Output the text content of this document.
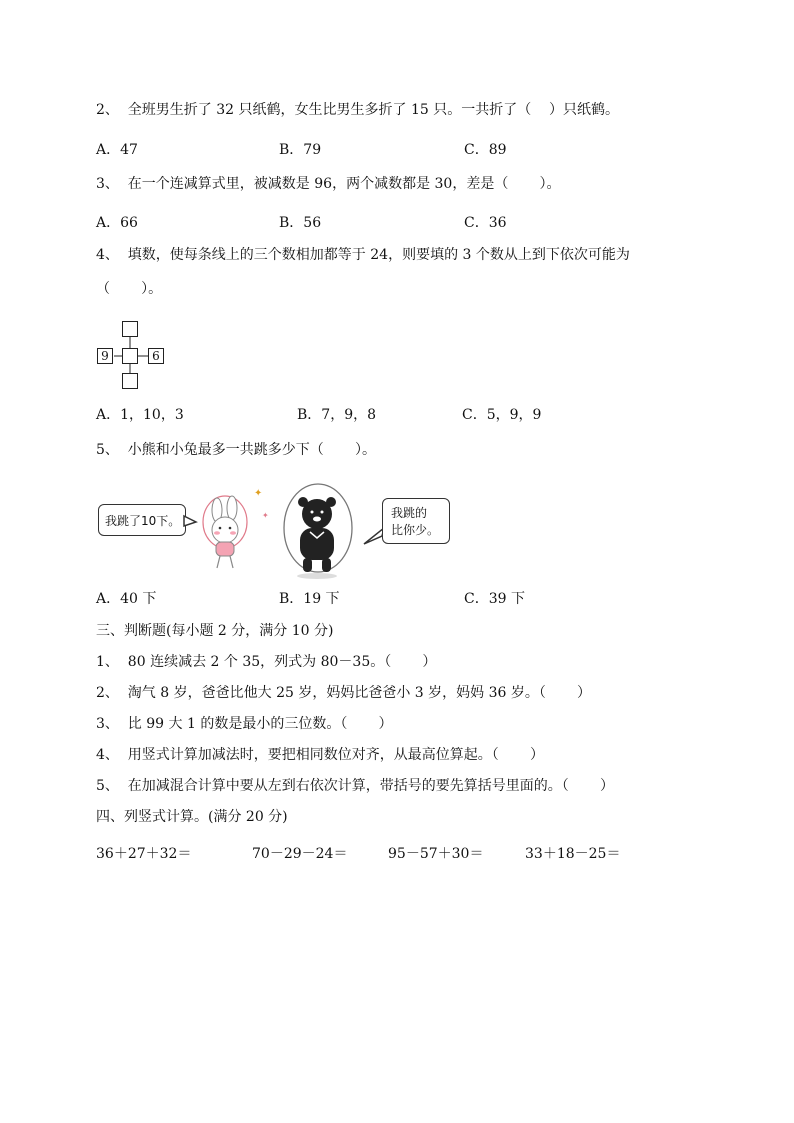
2、  全班男生折了 32 只纸鹤，女生比男生多折了 15 只。一共折了（    ）只纸鹤。
A．47	B．79	C．89
3、  在一个连减算式里，被减数是 96，两个减数都是 30，差是（       ）。
A．66	B．56	C．36
4、  填数，使每条线上的三个数相加都等于 24，则要填的 3 个数从上到下依次可能为
（       ）。
9	6
A．1，10，3	B．7，9，8	C．5，9，9
5、  小熊和小兔最多一共跳多少下（       ）。
我跳了10下。
✦
✦	我跳的
比你少。
A．40 下	B．19 下	C．39 下
三、判断题(每小题 2 分，满分 10 分)
1、  80 连续减去 2 个 35，列式为 80－35。（       ）
2、  淘气 8 岁，爸爸比他大 25 岁，妈妈比爸爸小 3 岁，妈妈 36 岁。（       ）
3、  比 99 大 1 的数是最小的三位数。（       ）
4、  用竖式计算加减法时，要把相同数位对齐，从最高位算起。（       ）
5、  在加减混合计算中要从左到右依次计算，带括号的要先算括号里面的。（       ）
四、列竖式计算。(满分 20 分)
36＋27＋32＝	70－29－24＝	95－57＋30＝	33＋18－25＝
